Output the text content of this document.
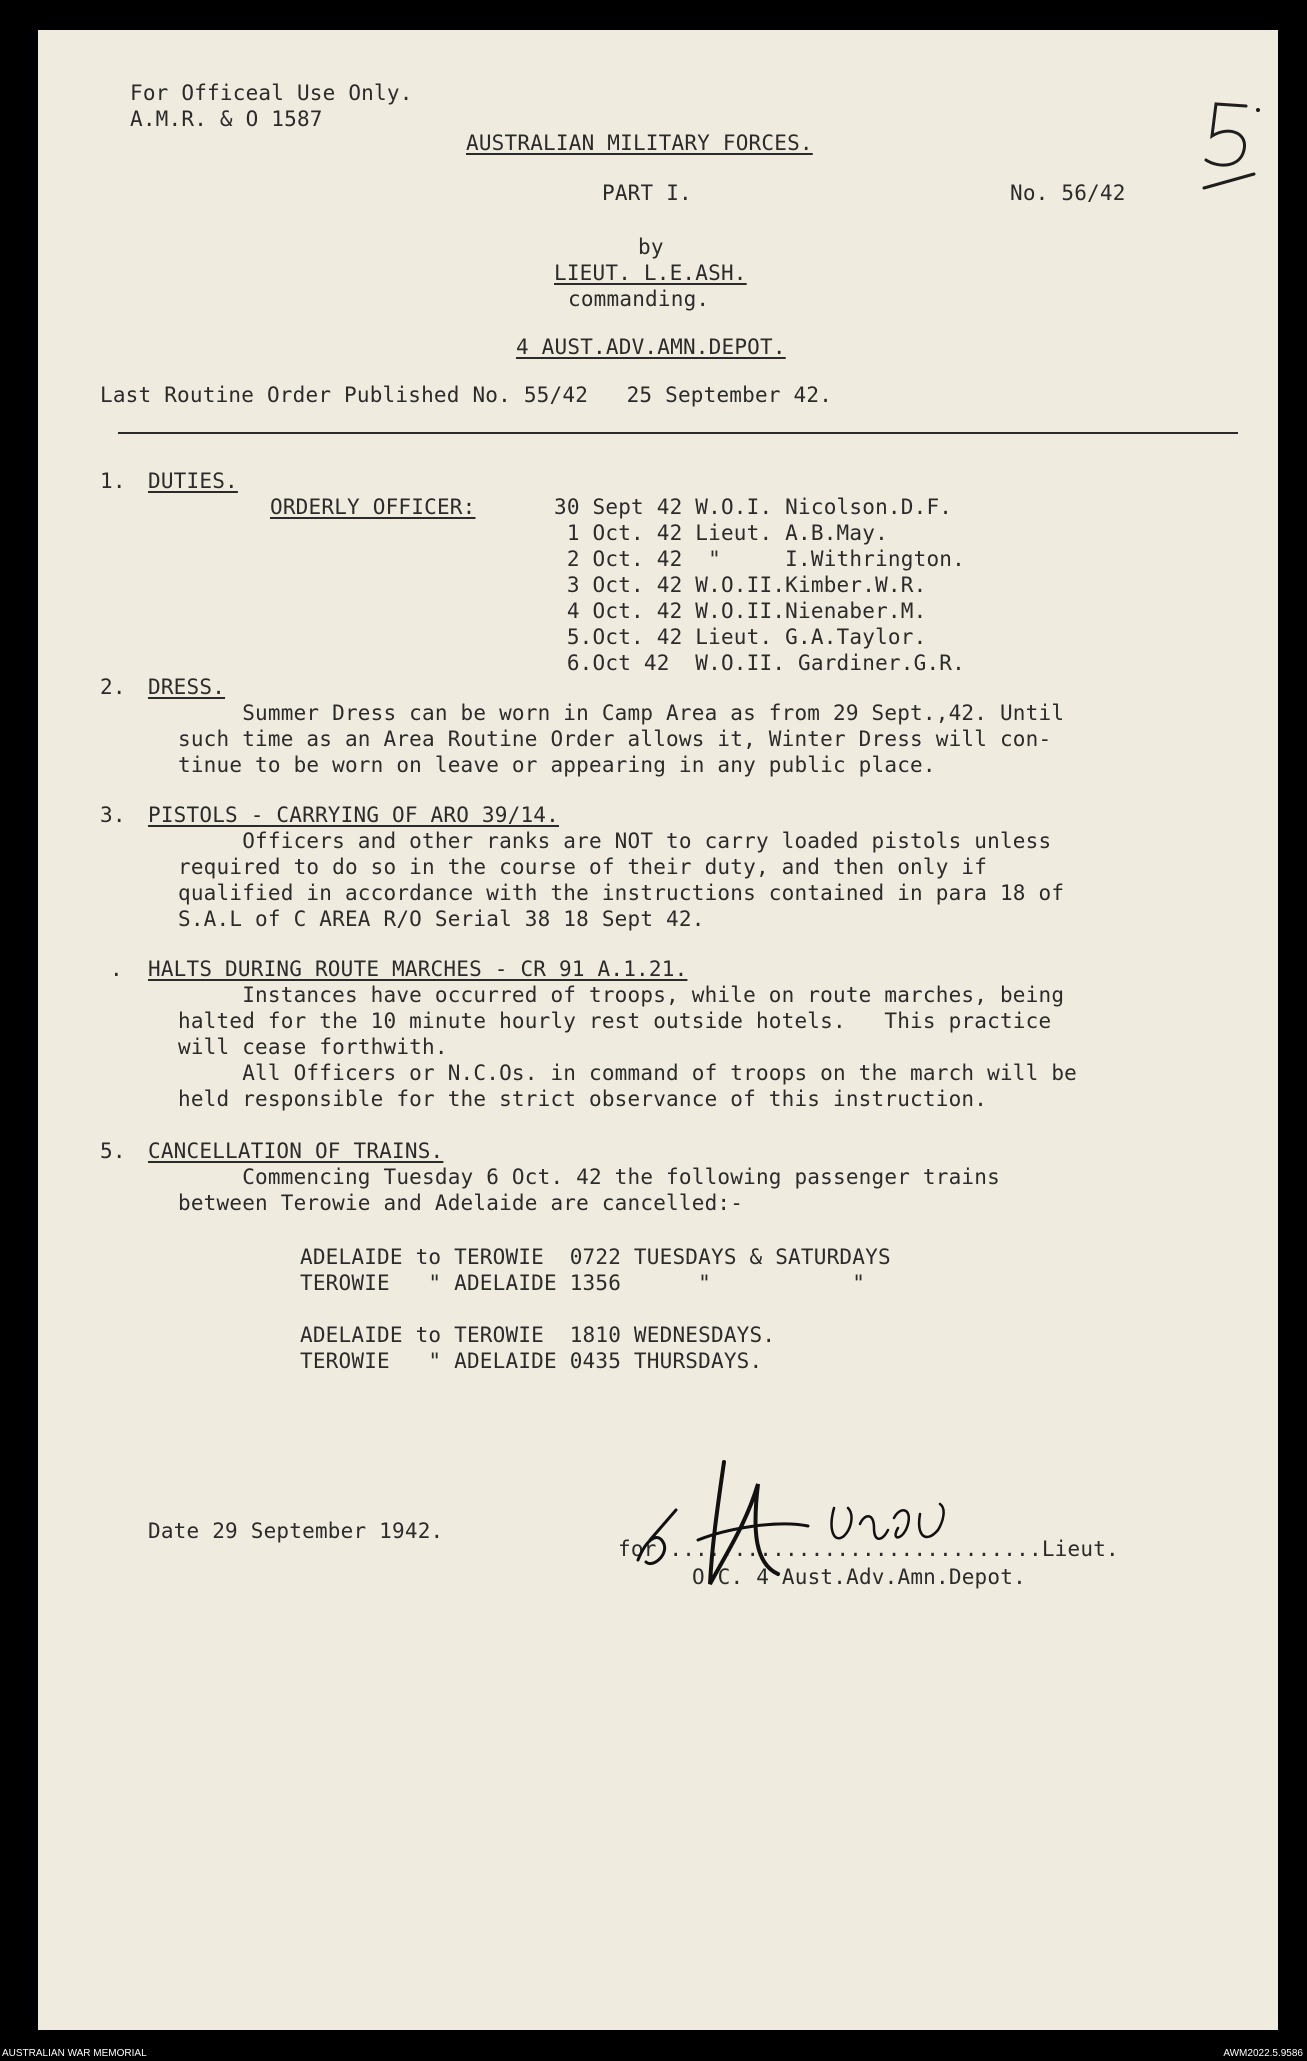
For Officeal Use Only.
A.M.R. & O 1587
AUSTRALIAN MILITARY FORCES.
PART I.	No. 56/42
by
LIEUT. L.E.ASH.
commanding.
4 AUST.ADV.AMN.DEPOT.
Last Routine Order Published No. 55/42   25 September 42.
1. DUTIES.
ORDERLY OFFICER:	30 Sept 42 W.O.I. Nicolson.D.F.
1 Oct. 42 Lieut. A.B.May.
2 Oct. 42  "     I.Withrington.
3 Oct. 42 W.O.II.Kimber.W.R.
4 Oct. 42 W.O.II.Nienaber.M.
5.Oct. 42 Lieut. G.A.Taylor.
6.Oct 42  W.O.II. Gardiner.G.R.
2. DRESS.
Summer Dress can be worn in Camp Area as from 29 Sept.,42. Until
such time as an Area Routine Order allows it, Winter Dress will con-
tinue to be worn on leave or appearing in any public place.
3. PISTOLS - CARRYING OF ARO 39/14.
Officers and other ranks are NOT to carry loaded pistols unless
required to do so in the course of their duty, and then only if
qualified in accordance with the instructions contained in para 18 of
S.A.L of C AREA R/O Serial 38 18 Sept 42.
. HALTS DURING ROUTE MARCHES - CR 91 A.1.21.
Instances have occurred of troops, while on route marches, being
halted for the 10 minute hourly rest outside hotels.   This practice
will cease forthwith.
All Officers or N.C.Os. in command of troops on the march will be
held responsible for the strict observance of this instruction.
5. CANCELLATION OF TRAINS.
Commencing Tuesday 6 Oct. 42 the following passenger trains
between Terowie and Adelaide are cancelled:-
ADELAIDE to TEROWIE  0722 TUESDAYS & SATURDAYS
TEROWIE   " ADELAIDE 1356      "           "
ADELAIDE to TEROWIE  1810 WEDNESDAYS.
TEROWIE   " ADELAIDE 0435 THURSDAYS.
Date 29 September 1942.
for .............................Lieut.
O.C. 4 Aust.Adv.Amn.Depot.
AUSTRALIAN WAR MEMORIAL	AWM2022.5.9586
